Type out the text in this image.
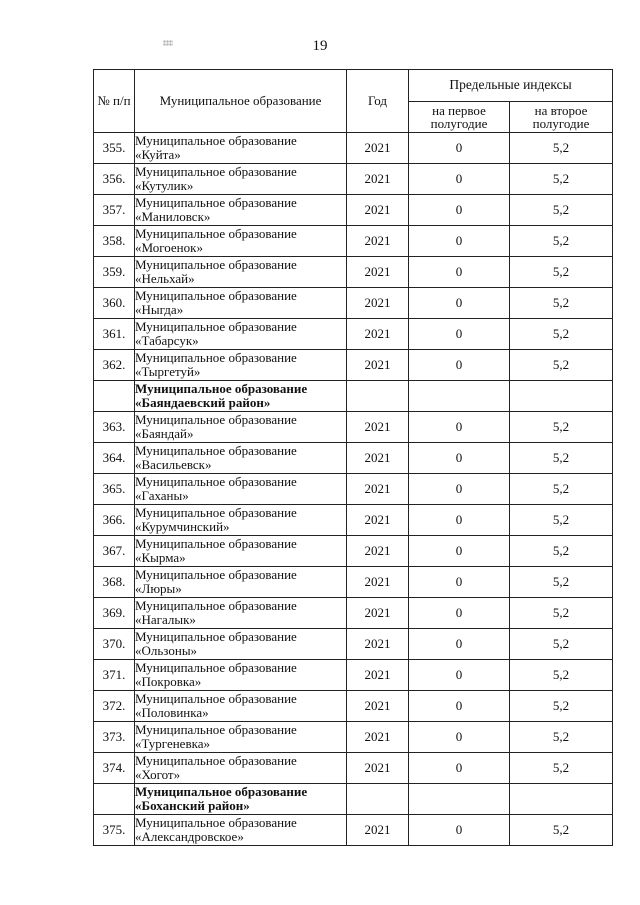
19
№ п/п	Муниципальное образование	Год	Предельные индексы	
			на первое полугодие	на второе полугодие
355.	Муниципальное образование
«Куйта»	2021	0	5,2
356.	Муниципальное образование
«Кутулик»	2021	0	5,2
357.	Муниципальное образование
«Маниловск»	2021	0	5,2
358.	Муниципальное образование
«Могоенок»	2021	0	5,2
359.	Муниципальное образование
«Нельхай»	2021	0	5,2
360.	Муниципальное образование
«Ныгда»	2021	0	5,2
361.	Муниципальное образование
«Табарсук»	2021	0	5,2
362.	Муниципальное образование
«Тыргетуй»	2021	0	5,2

	Муниципальное образование
«Баяндаевский район»			

363.	Муниципальное образование
«Баяндай»	2021	0	5,2
364.	Муниципальное образование
«Васильевск»	2021	0	5,2
365.	Муниципальное образование
«Гаханы»	2021	0	5,2
366.	Муниципальное образование
«Курумчинский»	2021	0	5,2
367.	Муниципальное образование
«Кырма»	2021	0	5,2
368.	Муниципальное образование
«Люры»	2021	0	5,2
369.	Муниципальное образование
«Нагалык»	2021	0	5,2
370.	Муниципальное образование
«Ользоны»	2021	0	5,2
371.	Муниципальное образование
«Покровка»	2021	0	5,2
372.	Муниципальное образование
«Половинка»	2021	0	5,2
373.	Муниципальное образование
«Тургеневка»	2021	0	5,2
374.	Муниципальное образование
«Хогот»	2021	0	5,2

	Муниципальное образование
«Боханский район»			

375.	Муниципальное образование
«Александровское»	2021	0	5,2
